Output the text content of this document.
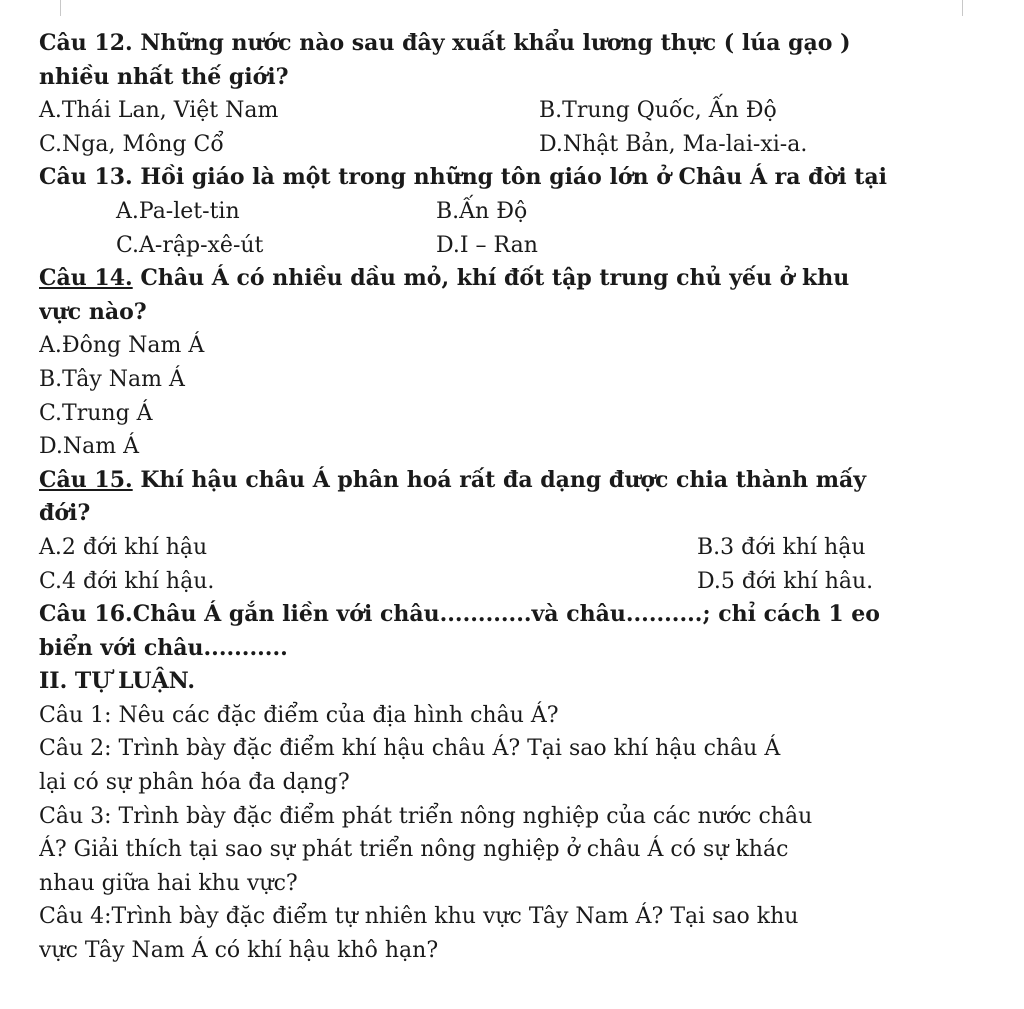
Câu 12. Những nước nào sau đây xuất khẩu lương thực ( lúa gạo )
nhiều nhất thế giới?
A.Thái Lan, Việt Nam	B.Trung Quốc, Ấn Độ
C.Nga, Mông Cổ	D.Nhật Bản, Ma-lai-xi-a.
Câu 13. Hồi giáo là một trong những tôn giáo lớn ở Châu Á ra đời tại
A.Pa-let-tin	B.Ấn Độ
C.A-rập-xê-út	D.I – Ran
Câu 14. Châu Á có nhiều dầu mỏ, khí đốt tập trung chủ yếu ở khu
vực nào?
A.Đông Nam Á
B.Tây Nam Á
C.Trung Á
D.Nam Á
Câu 15. Khí hậu châu Á phân hoá rất đa dạng được chia thành mấy
đới?
A.2 đới khí hậu	B.3 đới khí hậu
C.4 đới khí hậu.	D.5 đới khí hâu.
Câu 16.Châu Á gắn liền với châu............và châu..........; chỉ cách 1 eo
biển với châu...........
II. TỰ LUẬN.
Câu 1: Nêu các đặc điểm của địa hình châu Á?
Câu 2: Trình bày đặc điểm khí hậu châu Á? Tại sao khí hậu châu Á
lại có sự phân hóa đa dạng?
Câu 3: Trình bày đặc điểm phát triển nông nghiệp của các nước châu
Á? Giải thích tại sao sự phát triển nông nghiệp ở châu Á có sự khác
nhau giữa hai khu vực?
Câu 4:Trình bày đặc điểm tự nhiên khu vực Tây Nam Á? Tại sao khu
vực Tây Nam Á có khí hậu khô hạn?
